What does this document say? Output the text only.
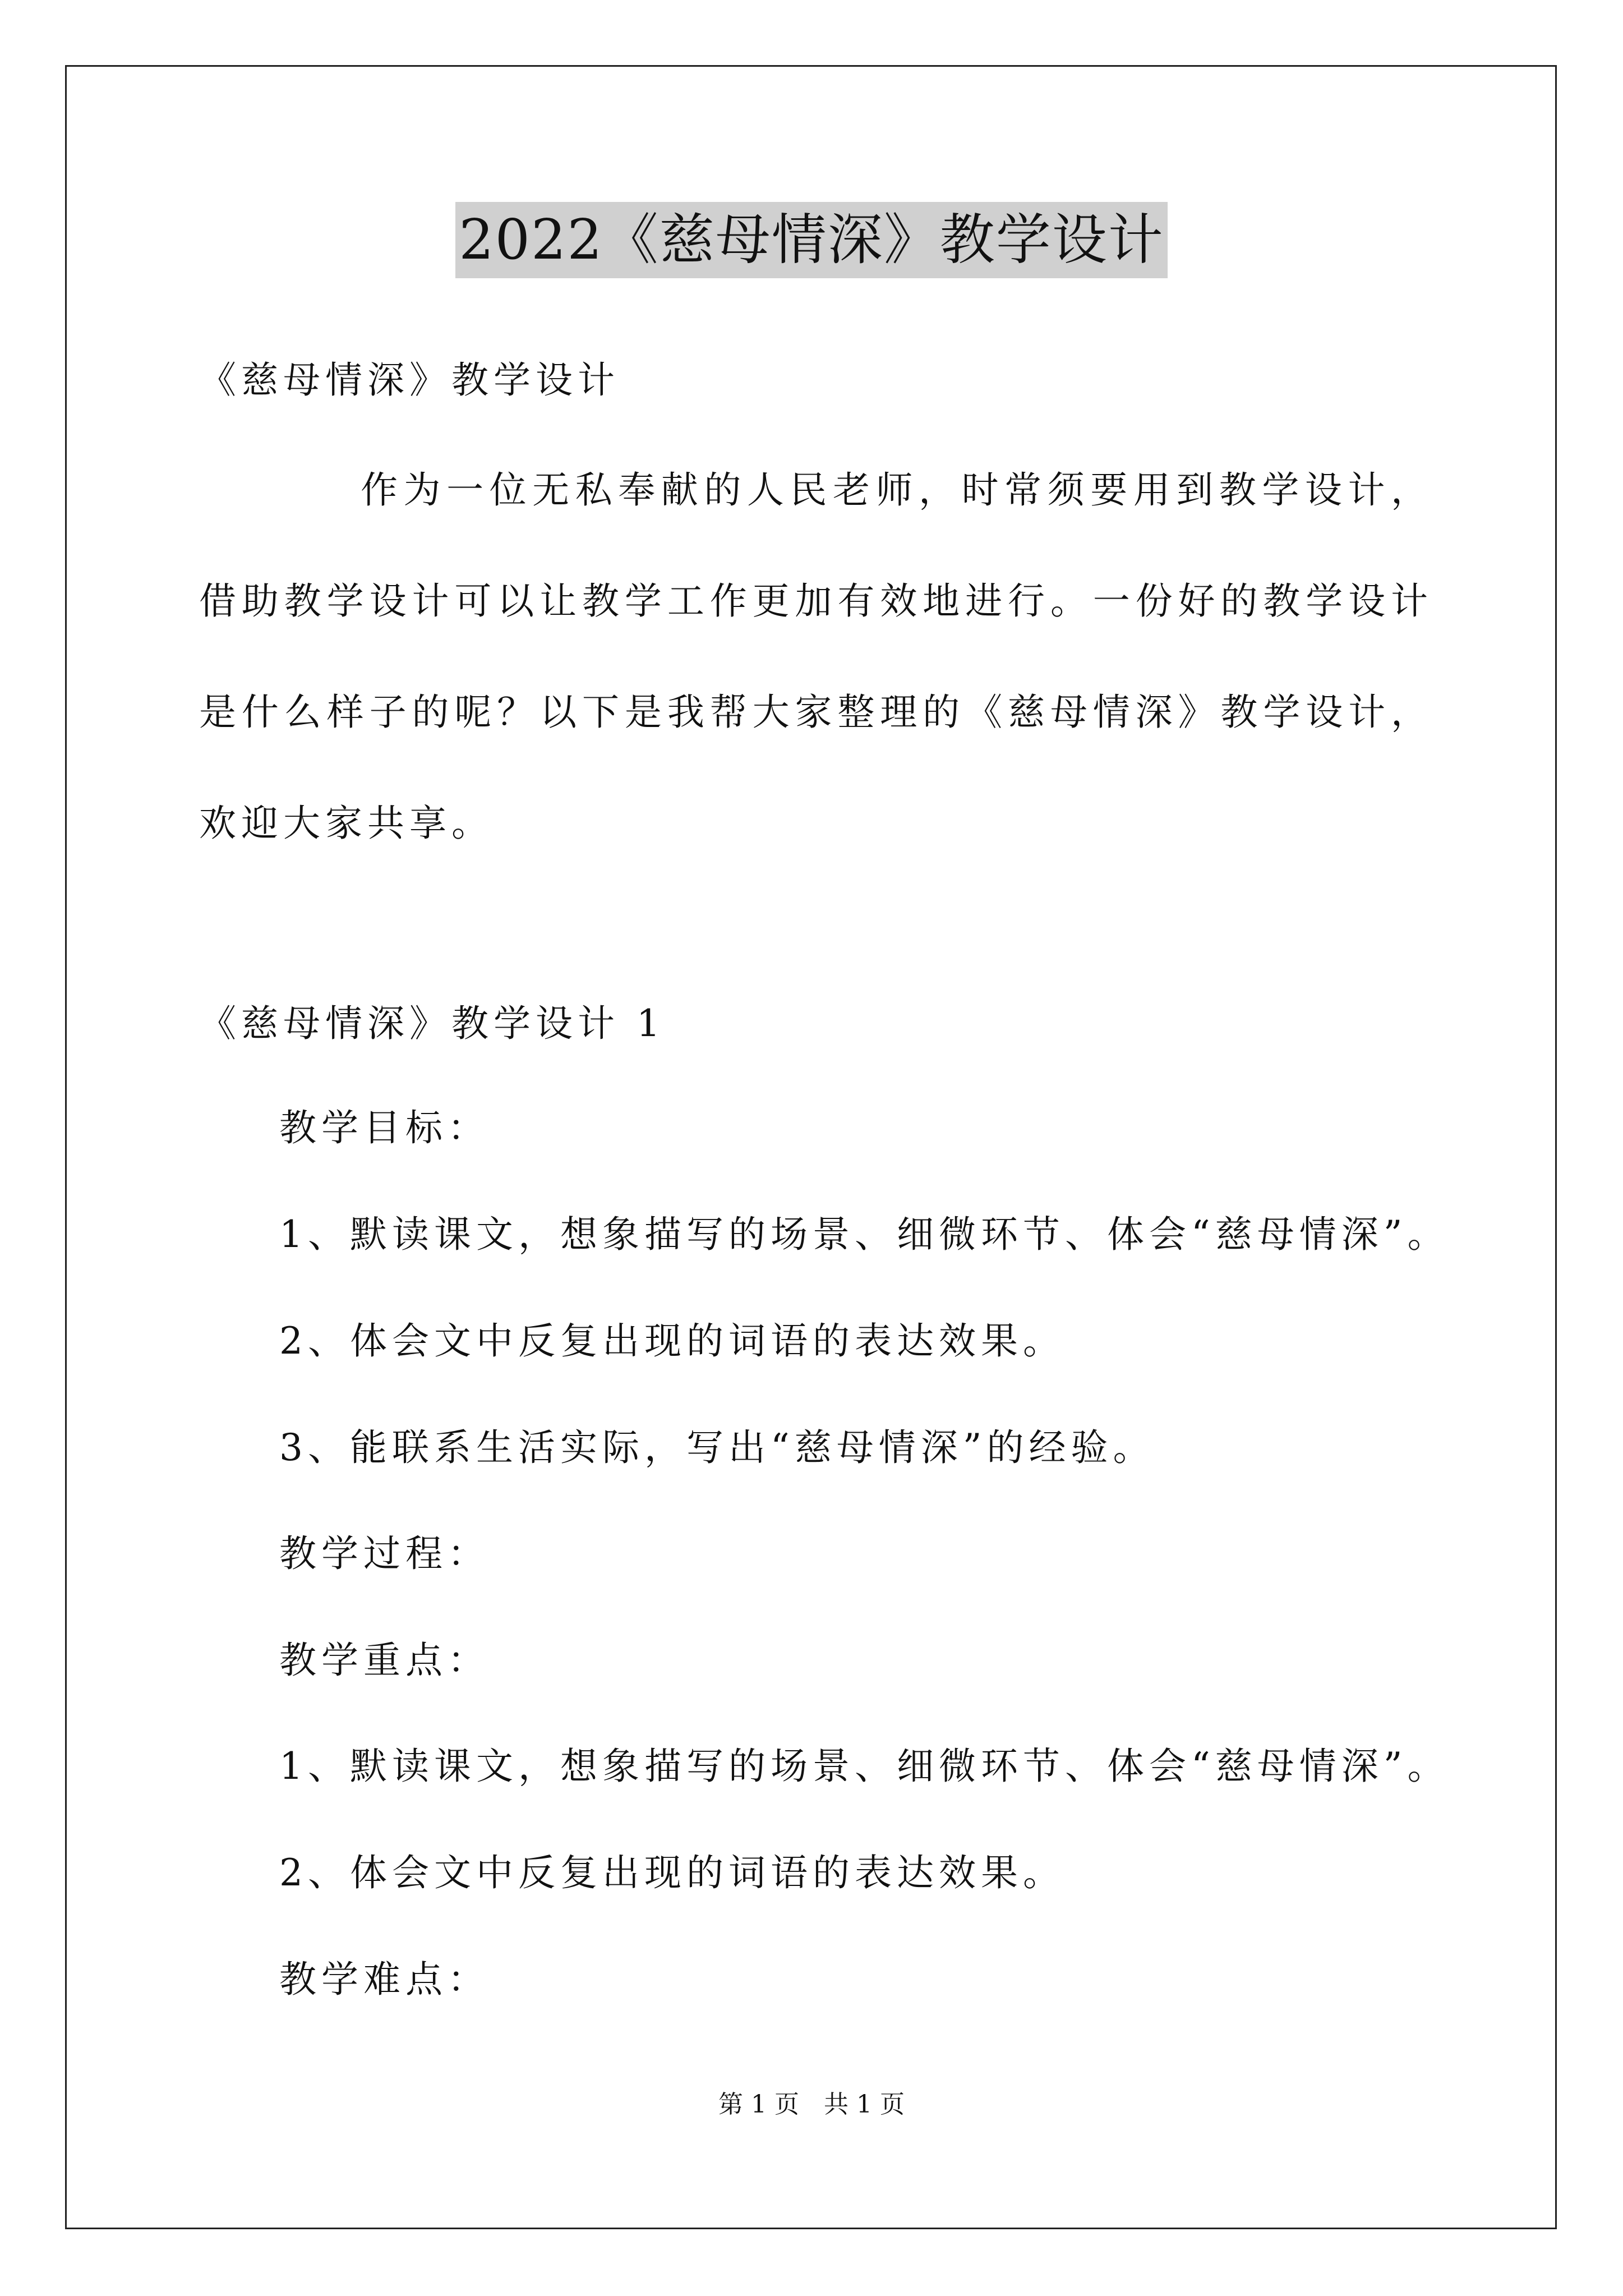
2022《慈母情深》教学设计
《慈母情深》教学设计
作为一位无私奉献的人民老师，时常须要用到教学设计，借助教学设计可以让教学工作更加有效地进行。一份好的教学设计是什么样子的呢？以下是我帮大家整理的《慈母情深》教学设计，欢迎大家共享。
《慈母情深》教学设计 1
教学目标：
1、默读课文，想象描写的场景、细微环节、体会“慈母情深”。
2、体会文中反复出现的词语的表达效果。
3、能联系生活实际，写出“慈母情深”的经验。
教学过程：
教学重点：
1、默读课文，想象描写的场景、细微环节、体会“慈母情深”。
2、体会文中反复出现的词语的表达效果。
教学难点：
第 1 页　共 1 页
